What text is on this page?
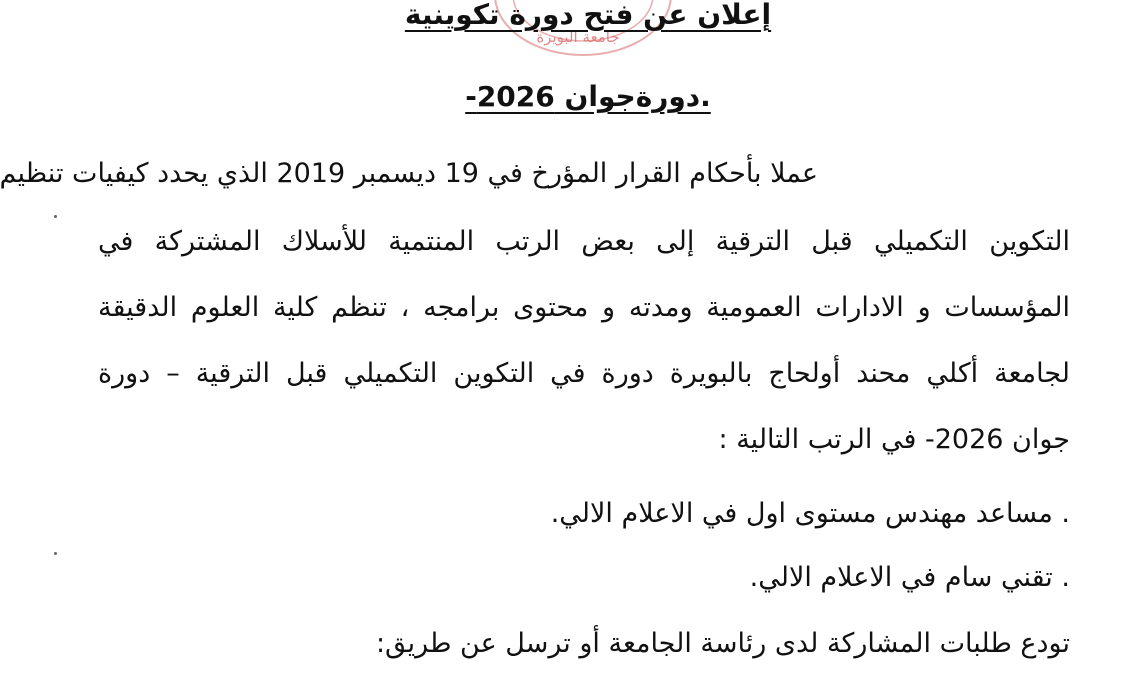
جامعة البويرة
إعلان عن فتح دورة تكوينية
.دورةجوان 2026-
عملا بأحكام القرار المؤرخ في 19 ديسمبر 2019 الذي يحدد كيفيات تنظيم
التكوين التكميلي قبل الترقية إلى بعض الرتب المنتمية للأسلاك المشتركة في
المؤسسات و الادارات العمومية ومدته و محتوى برامجه ، تنظم كلية العلوم الدقيقة
لجامعة أكلي محند أولحاج بالبويرة دورة في التكوين التكميلي قبل الترقية – دورة
جوان 2026- في الرتب التالية :
. مساعد مهندس مستوى اول في الاعلام الالي.
. تقني سام في الاعلام الالي.
تودع طلبات المشاركة لدى رئاسة الجامعة أو ترسل عن طريق:
